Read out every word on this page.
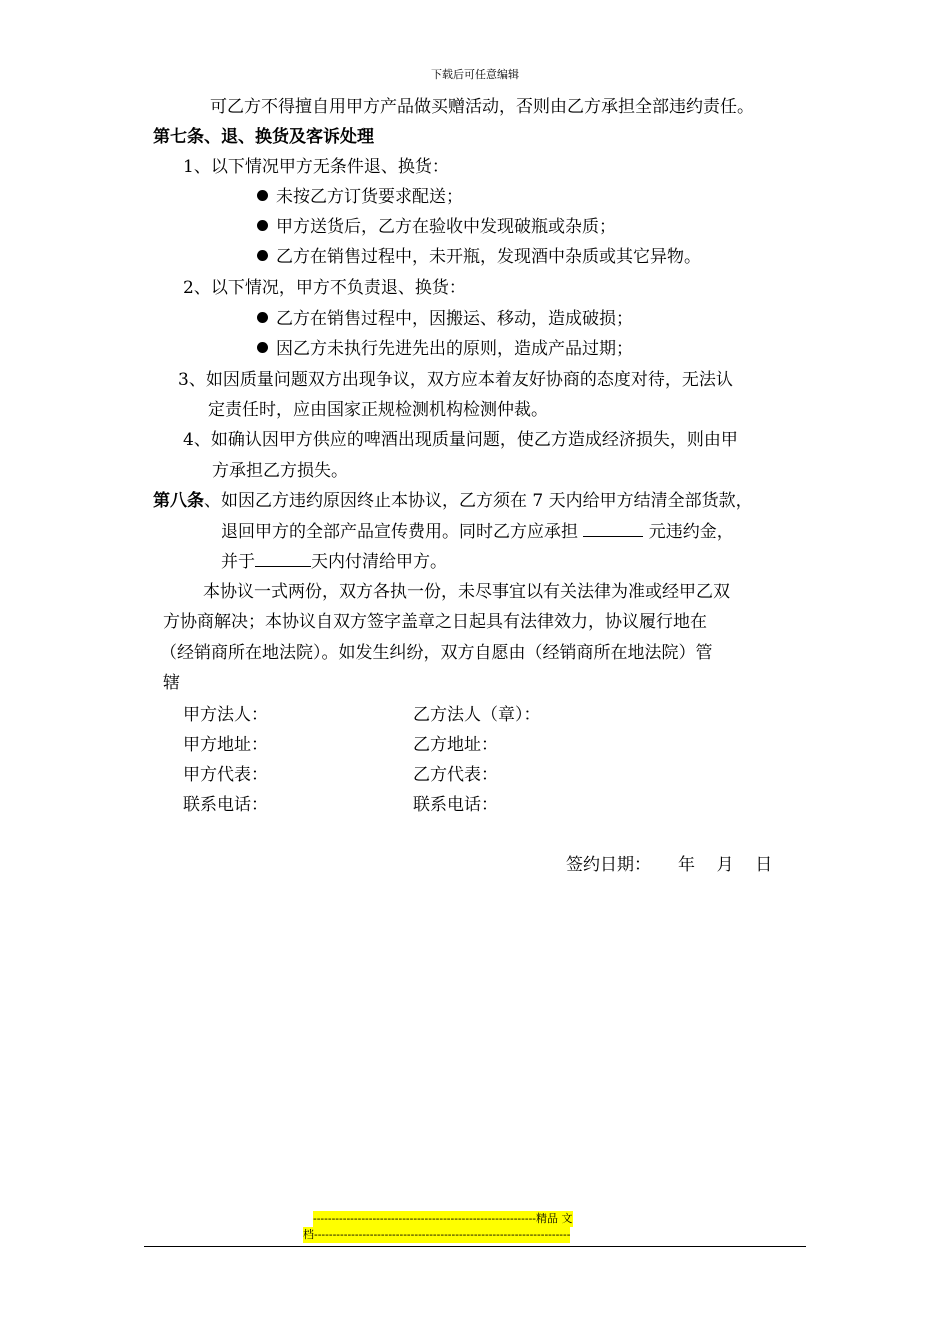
下载后可任意编辑
可乙方不得擅自用甲方产品做买赠活动，否则由乙方承担全部违约责任。
第七条、退、换货及客诉处理
1、以下情况甲方无条件退、换货：
未按乙方订货要求配送；
甲方送货后，乙方在验收中发现破瓶或杂质；
乙方在销售过程中，未开瓶，发现酒中杂质或其它异物。
2、以下情况，甲方不负责退、换货：
乙方在销售过程中，因搬运、移动，造成破损；
因乙方未执行先进先出的原则，造成产品过期；
3、如因质量问题双方出现争议，双方应本着友好协商的态度对待，无法认
定责任时，应由国家正规检测机构检测仲裁。
4、如确认因甲方供应的啤酒出现质量问题，使乙方造成经济损失，则由甲
方承担乙方损失。
第八条、如因乙方违约原因终止本协议，乙方须在 7 天内给甲方结清全部货款，
退回甲方的全部产品宣传费用。同时乙方应承担	元违约金，
并于	天内付清给甲方。
本协议一式两份，双方各执一份，未尽事宜以有关法律为准或经甲乙双
方协商解决；本协议自双方签字盖章之日起具有法律效力，协议履行地在
（经销商所在地法院）。如发生纠纷，双方自愿由（经销商所在地法院）管
辖
甲方法人：	乙方法人（章）：
甲方地址：	乙方地址：
甲方代表：	乙方代表：
联系电话：	联系电话：
签约日期：     年    月    日
------------------------------------------------------------精品 文
档---------------------------------------------------------------------
